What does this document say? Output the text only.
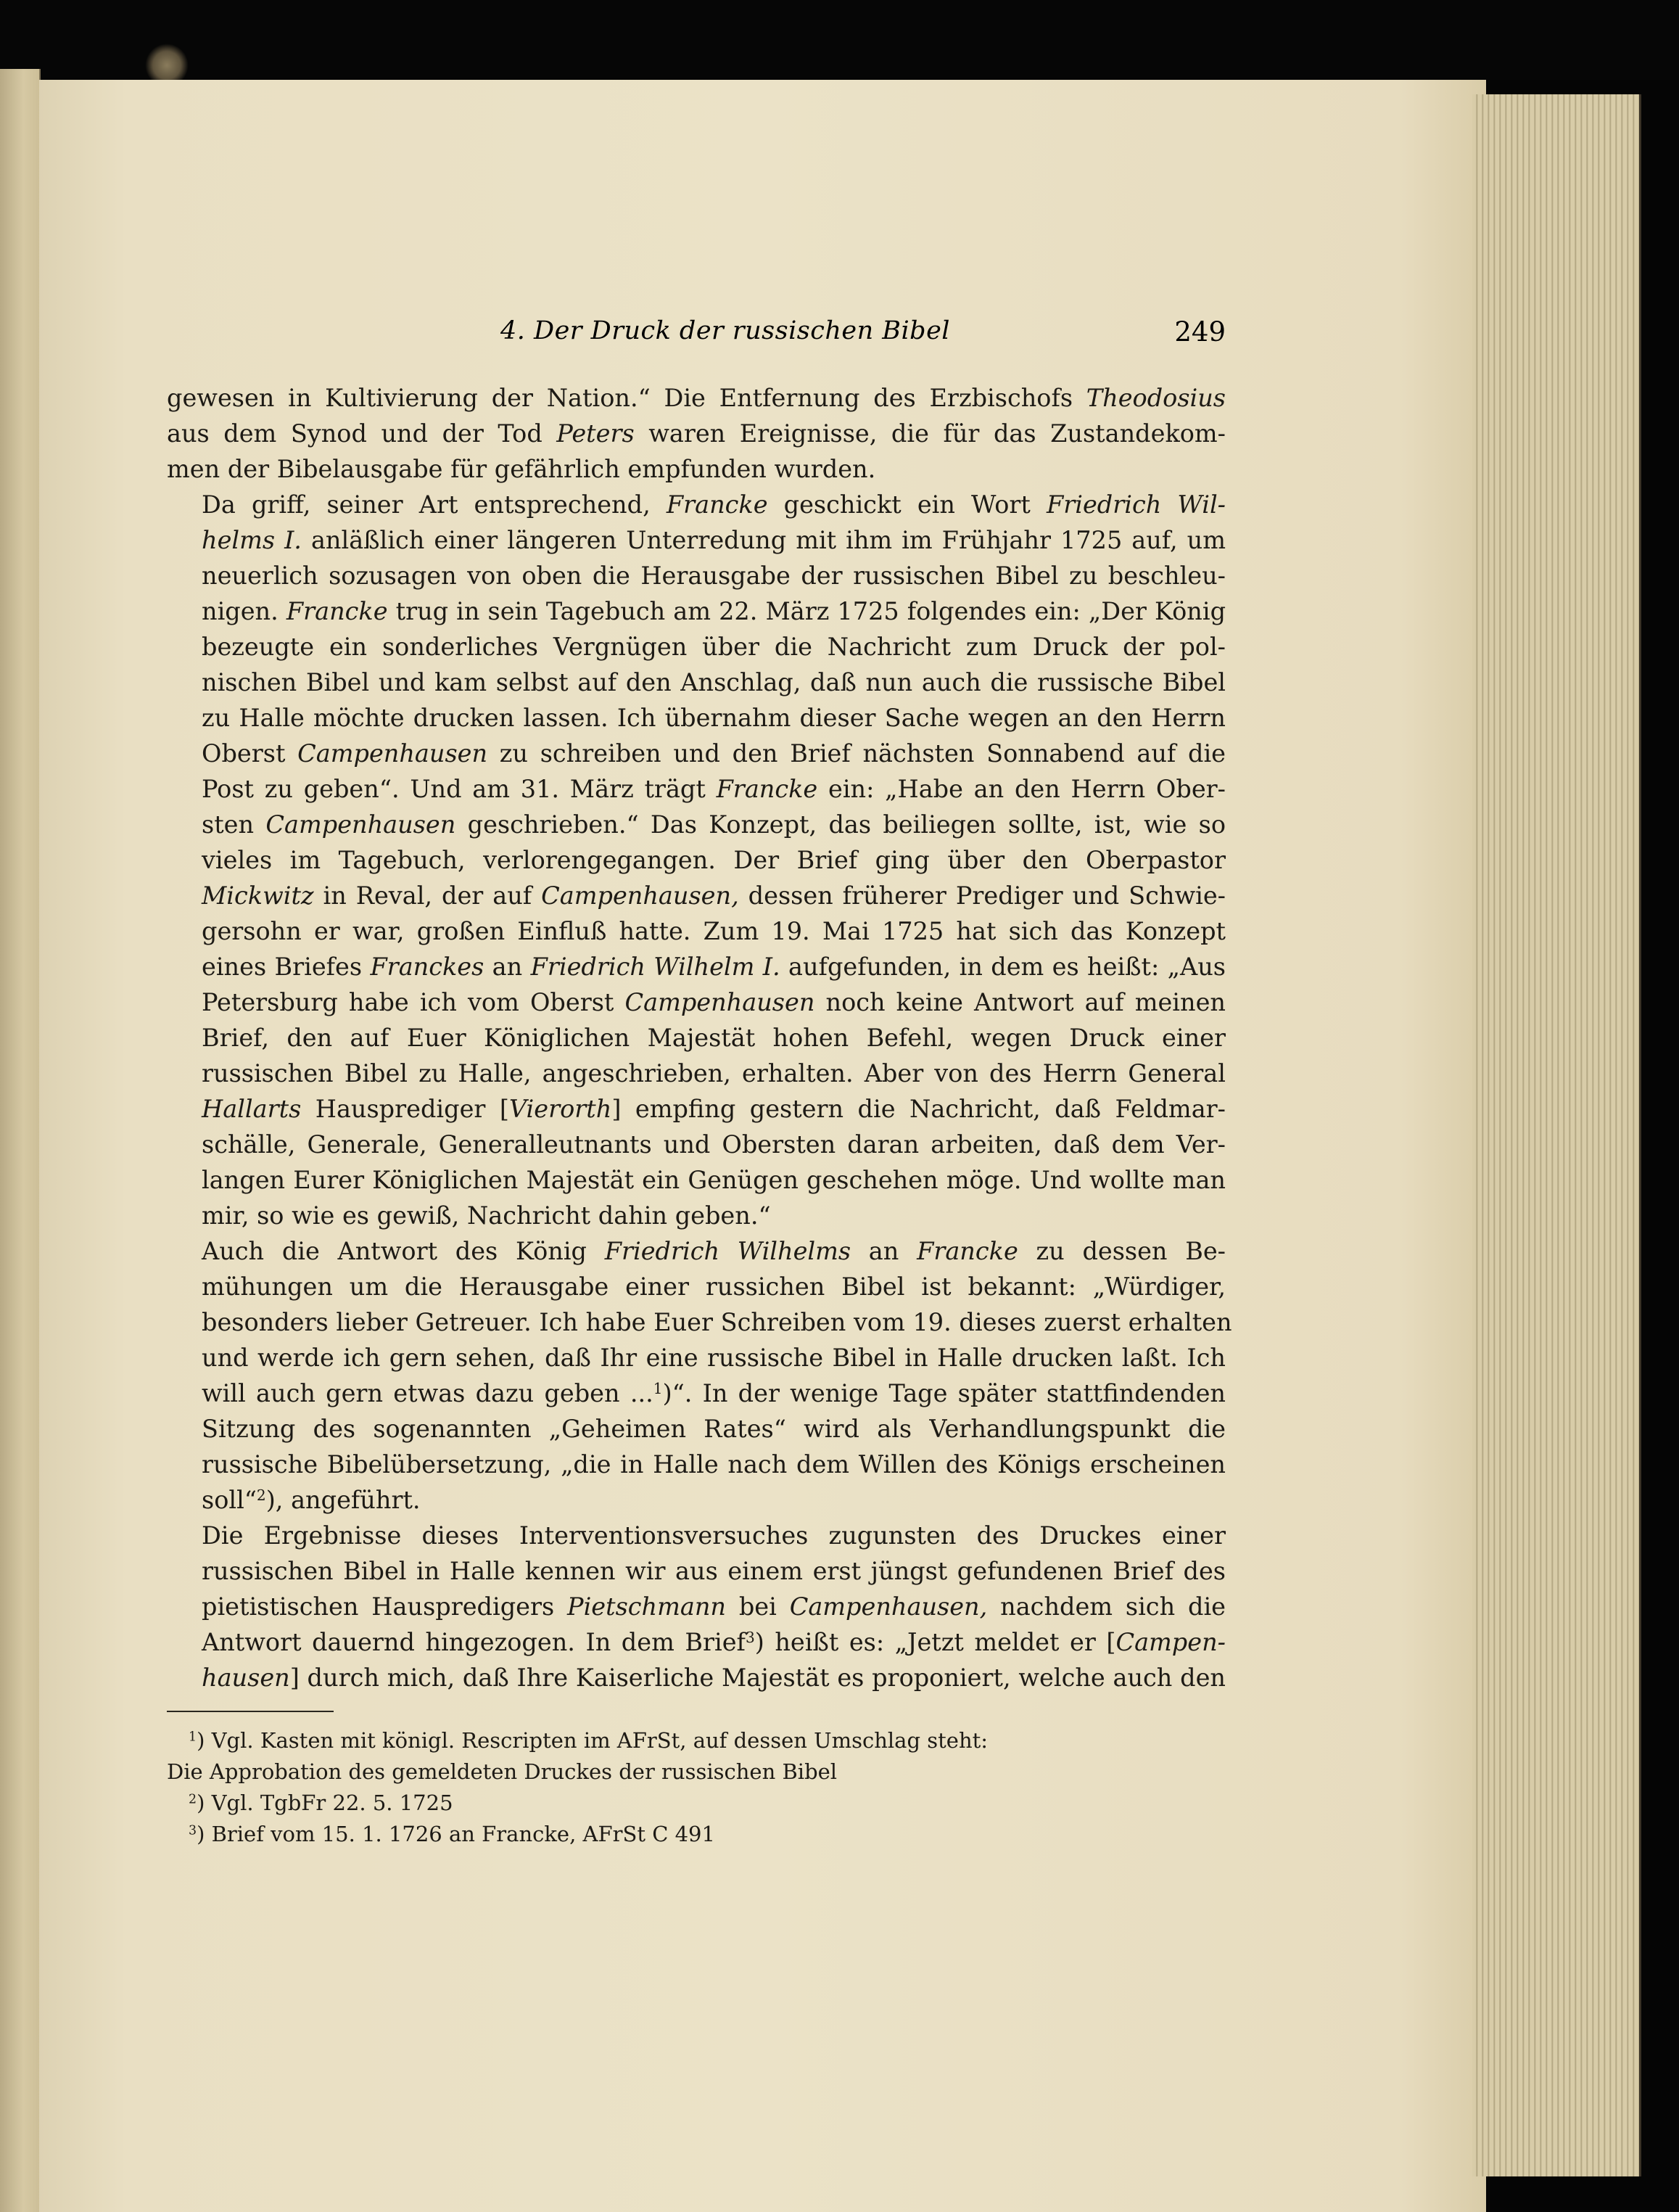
4. Der Druck der russischen Bibel	249

gewesen in Kultivierung der Nation.“ Die Entfernung des Erzbischofs Theodosius
aus dem Synod und der Tod Peters waren Ereignisse, die für das Zustandekom-
men der Bibelausgabe für gefährlich empfunden wurden.

Da griff, seiner Art entsprechend, Francke geschickt ein Wort Friedrich Wil-
helms I. anläßlich einer längeren Unterredung mit ihm im Frühjahr 1725 auf, um
neuerlich sozusagen von oben die Herausgabe der russischen Bibel zu beschleu-
nigen. Francke trug in sein Tagebuch am 22. März 1725 folgendes ein: „Der König
bezeugte ein sonderliches Vergnügen über die Nachricht zum Druck der pol-
nischen Bibel und kam selbst auf den Anschlag, daß nun auch die russische Bibel
zu Halle möchte drucken lassen. Ich übernahm dieser Sache wegen an den Herrn
Oberst Campenhausen zu schreiben und den Brief nächsten Sonnabend auf die
Post zu geben“. Und am 31. März trägt Francke ein: „Habe an den Herrn Ober-
sten Campenhausen geschrieben.“ Das Konzept, das beiliegen sollte, ist, wie so
vieles im Tagebuch, verlorengegangen. Der Brief ging über den Oberpastor
Mickwitz in Reval, der auf Campenhausen, dessen früherer Prediger und Schwie-
gersohn er war, großen Einfluß hatte. Zum 19. Mai 1725 hat sich das Konzept
eines Briefes Franckes an Friedrich Wilhelm I. aufgefunden, in dem es heißt: „Aus
Petersburg habe ich vom Oberst Campenhausen noch keine Antwort auf meinen
Brief, den auf Euer Königlichen Majestät hohen Befehl, wegen Druck einer
russischen Bibel zu Halle, angeschrieben, erhalten. Aber von des Herrn General
Hallarts Hausprediger [Vierorth] empfing gestern die Nachricht, daß Feldmar-
schälle, Generale, Generalleutnants und Obersten daran arbeiten, daß dem Ver-
langen Eurer Königlichen Majestät ein Genügen geschehen möge. Und wollte man
mir, so wie es gewiß, Nachricht dahin geben.“

Auch die Antwort des König Friedrich Wilhelms an Francke zu dessen Be-
mühungen um die Herausgabe einer russichen Bibel ist bekannt: „Würdiger,
besonders lieber Getreuer. Ich habe Euer Schreiben vom 19. dieses zuerst erhalten
und werde ich gern sehen, daß Ihr eine russische Bibel in Halle drucken laßt. Ich
will auch gern etwas dazu geben ...$^1$)“. In der wenige Tage später stattfindenden
Sitzung des sogenannten „Geheimen Rates“ wird als Verhandlungspunkt die
russische Bibelübersetzung, „die in Halle nach dem Willen des Königs erscheinen
soll“$^2$), angeführt.

Die Ergebnisse dieses Interventionsversuches zugunsten des Druckes einer
russischen Bibel in Halle kennen wir aus einem erst jüngst gefundenen Brief des
pietistischen Hauspredigers Pietschmann bei Campenhausen, nachdem sich die
Antwort dauernd hingezogen. In dem Brief$^3$) heißt es: „Jetzt meldet er [Campen-
hausen] durch mich, daß Ihre Kaiserliche Majestät es proponiert, welche auch den

$^1$) Vgl. Kasten mit königl. Rescripten im AFrSt, auf dessen Umschlag steht:
Die Approbation des gemeldeten Druckes der russischen Bibel
$^2$) Vgl. TgbFr 22. 5. 1725
$^3$) Brief vom 15. 1. 1726 an Francke, AFrSt C 491
